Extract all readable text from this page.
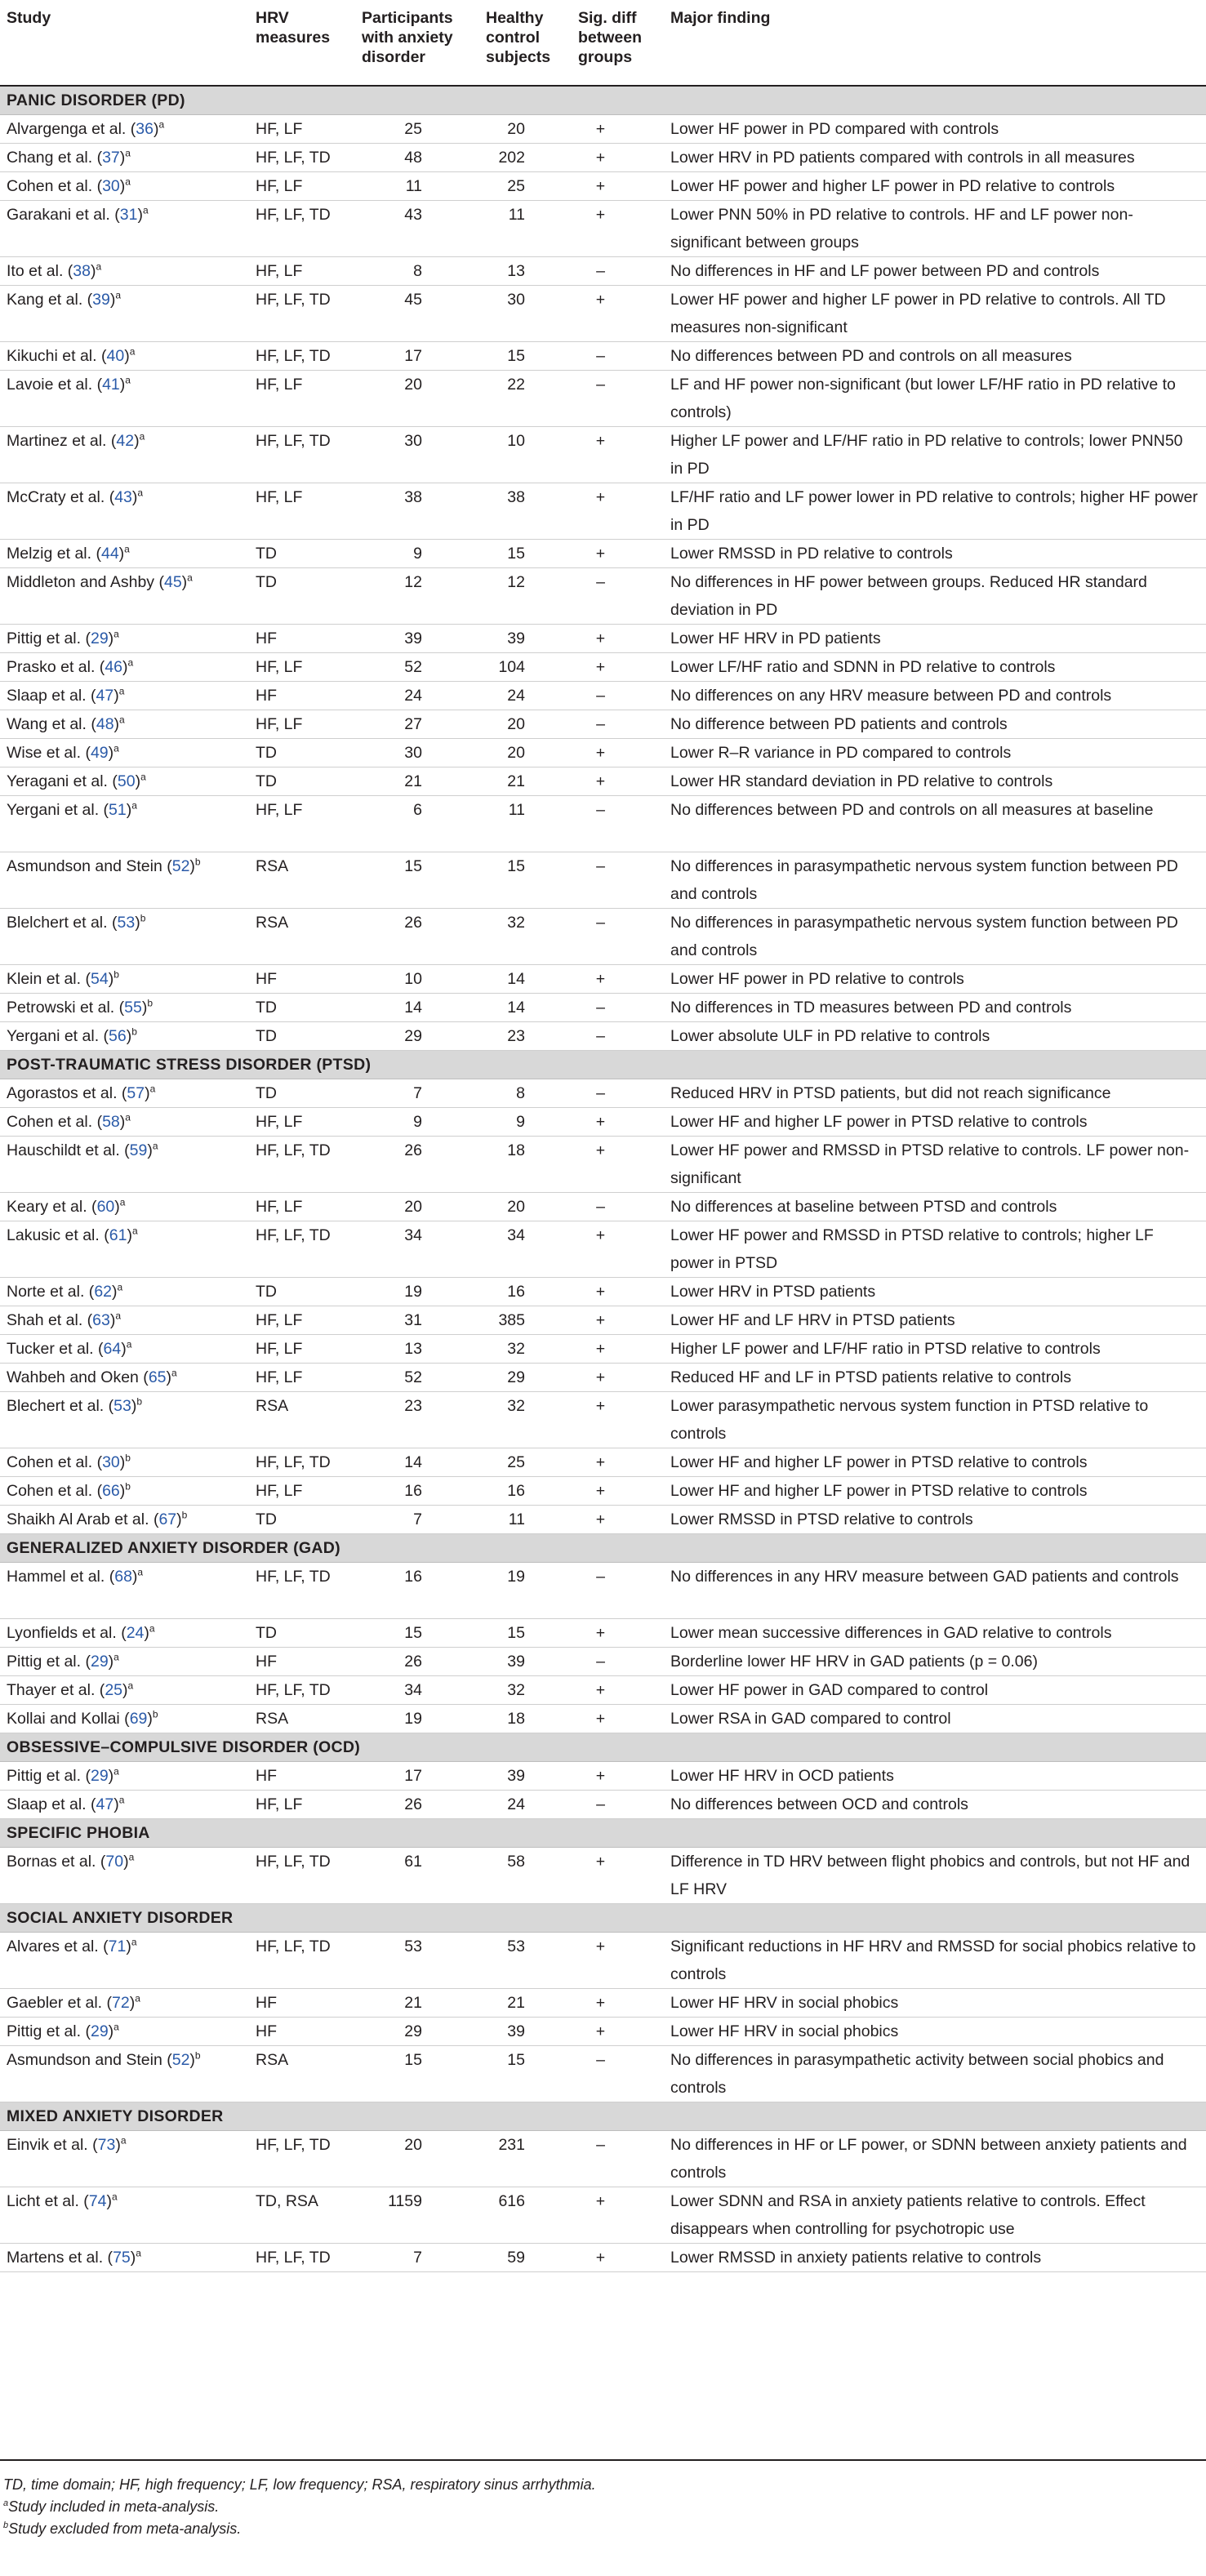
Study	HRV measures	Participants with anxiety disorder	Healthy control subjects	Sig. diff between groups	Major finding
PANIC DISORDER (PD)					
Alvargenga et al. $(36)^a$	HF, LF	25	20	+	Lower HF power in PD compared with controls
Chang et al. $(37)^a$	HF, LF, TD	48	202	+	Lower HRV in PD patients compared with controls in all measures
Cohen et al. $(30)^a$	HF, LF	11	25	+	Lower HF power and higher LF power in PD relative to controls
Garakani et al. $(31)^a$	HF, LF, TD	43	11	+	Lower PNN 50% in PD relative to controls. HF and LF power non-significant between groups
Ito et al. $(38)^a$	HF, LF	8	13	–	No differences in HF and LF power between PD and controls
Kang et al. $(39)^a$	HF, LF, TD	45	30	+	Lower HF power and higher LF power in PD relative to controls. All TD measures non-significant
Kikuchi et al. $(40)^a$	HF, LF, TD	17	15	–	No differences between PD and controls on all measures
Lavoie et al. $(41)^a$	HF, LF	20	22	–	LF and HF power non-significant (but lower LF/HF ratio in PD relative to controls)
Martinez et al. $(42)^a$	HF, LF, TD	30	10	+	Higher LF power and LF/HF ratio in PD relative to controls; lower PNN50 in PD
McCraty et al. $(43)^a$	HF, LF	38	38	+	LF/HF ratio and LF power lower in PD relative to controls; higher HF power in PD
Melzig et al. $(44)^a$	TD	9	15	+	Lower RMSSD in PD relative to controls
Middleton and Ashby $(45)^a$	TD	12	12	–	No differences in HF power between groups. Reduced HR standard deviation in PD
Pittig et al. $(29)^a$	HF	39	39	+	Lower HF HRV in PD patients
Prasko et al. $(46)^a$	HF, LF	52	104	+	Lower LF/HF ratio and SDNN in PD relative to controls
Slaap et al. $(47)^a$	HF	24	24	–	No differences on any HRV measure between PD and controls
Wang et al. $(48)^a$	HF, LF	27	20	–	No difference between PD patients and controls
Wise et al. $(49)^a$	TD	30	20	+	Lower R–R variance in PD compared to controls
Yeragani et al. $(50)^a$	TD	21	21	+	Lower HR standard deviation in PD relative to controls
Yergani et al. $(51)^a$	HF, LF	6	11	–	No differences between PD and controls on all measures at baseline
Asmundson and Stein $(52)^b$	RSA	15	15	–	No differences in parasympathetic nervous system function between PD and controls
Blelchert et al. $(53)^b$	RSA	26	32	–	No differences in parasympathetic nervous system function between PD and controls
Klein et al. $(54)^b$	HF	10	14	+	Lower HF power in PD relative to controls
Petrowski et al. $(55)^b$	TD	14	14	–	No differences in TD measures between PD and controls
Yergani et al. $(56)^b$	TD	29	23	–	Lower absolute ULF in PD relative to controls
POST-TRAUMATIC STRESS DISORDER (PTSD)					
Agorastos et al. $(57)^a$	TD	7	8	–	Reduced HRV in PTSD patients, but did not reach significance
Cohen et al. $(58)^a$	HF, LF	9	9	+	Lower HF and higher LF power in PTSD relative to controls
Hauschildt et al. $(59)^a$	HF, LF, TD	26	18	+	Lower HF power and RMSSD in PTSD relative to controls. LF power non-significant
Keary et al. $(60)^a$	HF, LF	20	20	–	No differences at baseline between PTSD and controls
Lakusic et al. $(61)^a$	HF, LF, TD	34	34	+	Lower HF power and RMSSD in PTSD relative to controls; higher LF power in PTSD
Norte et al. $(62)^a$	TD	19	16	+	Lower HRV in PTSD patients
Shah et al. $(63)^a$	HF, LF	31	385	+	Lower HF and LF HRV in PTSD patients
Tucker et al. $(64)^a$	HF, LF	13	32	+	Higher LF power and LF/HF ratio in PTSD relative to controls
Wahbeh and Oken $(65)^a$	HF, LF	52	29	+	Reduced HF and LF in PTSD patients relative to controls
Blechert et al. $(53)^b$	RSA	23	32	+	Lower parasympathetic nervous system function in PTSD relative to controls
Cohen et al. $(30)^b$	HF, LF, TD	14	25	+	Lower HF and higher LF power in PTSD relative to controls
Cohen et al. $(66)^b$	HF, LF	16	16	+	Lower HF and higher LF power in PTSD relative to controls
Shaikh Al Arab et al. $(67)^b$	TD	7	11	+	Lower RMSSD in PTSD relative to controls
GENERALIZED ANXIETY DISORDER (GAD)					
Hammel et al. $(68)^a$	HF, LF, TD	16	19	–	No differences in any HRV measure between GAD patients and controls
Lyonfields et al. $(24)^a$	TD	15	15	+	Lower mean successive differences in GAD relative to controls
Pittig et al. $(29)^a$	HF	26	39	–	Borderline lower HF HRV in GAD patients (p = 0.06)
Thayer et al. $(25)^a$	HF, LF, TD	34	32	+	Lower HF power in GAD compared to control
Kollai and Kollai $(69)^b$	RSA	19	18	+	Lower RSA in GAD compared to control
OBSESSIVE–COMPULSIVE DISORDER (OCD)					
Pittig et al. $(29)^a$	HF	17	39	+	Lower HF HRV in OCD patients
Slaap et al. $(47)^a$	HF, LF	26	24	–	No differences between OCD and controls
SPECIFIC PHOBIA					
Bornas et al. $(70)^a$	HF, LF, TD	61	58	+	Difference in TD HRV between flight phobics and controls, but not HF and LF HRV
SOCIAL ANXIETY DISORDER					
Alvares et al. $(71)^a$	HF, LF, TD	53	53	+	Significant reductions in HF HRV and RMSSD for social phobics relative to controls
Gaebler et al. $(72)^a$	HF	21	21	+	Lower HF HRV in social phobics
Pittig et al. $(29)^a$	HF	29	39	+	Lower HF HRV in social phobics
Asmundson and Stein $(52)^b$	RSA	15	15	–	No differences in parasympathetic activity between social phobics and controls
MIXED ANXIETY DISORDER					
Einvik et al. $(73)^a$	HF, LF, TD	20	231	–	No differences in HF or LF power, or SDNN between anxiety patients and controls
Licht et al. $(74)^a$	TD, RSA	1159	616	+	Lower SDNN and RSA in anxiety patients relative to controls. Effect disappears when controlling for psychotropic use
Martens et al. $(75)^a$	HF, LF, TD	7	59	+	Lower RMSSD in anxiety patients relative to controls
TD, time domain; HF, high frequency; LF, low frequency; RSA, respiratory sinus arrhythmia.
$^a$Study included in meta-analysis.
$^b$Study excluded from meta-analysis.
